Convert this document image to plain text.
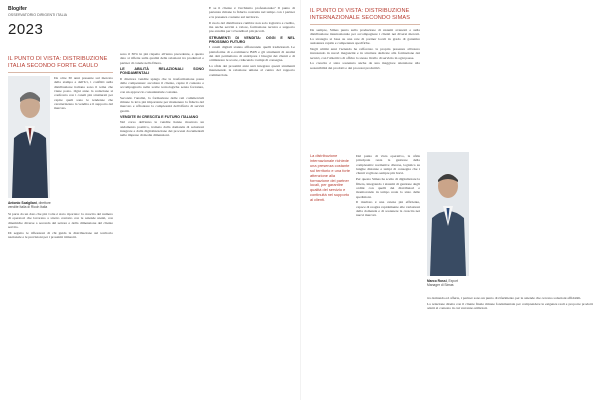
Blogifer
OSSERVATORIO DIRIGENTI ITALIA
2023
IL PUNTO DI VISTA: DISTRIBUZIONE ITALIA SECONDO FORTE CAULO
Antonio Scalgilani, direttore vendite Italia di Ricoh Italia

Da oltre 30 anni presente sul mercato della stampa e dell'Ict, i conflitti sulla distribuzione italiana sono il tema che viene posto. Ogni anno la redazione si confronta con i canali più strutturati per capire quali sono le tendenze che caratterizzano la vendita e il supporto del mercato.

Si parte da un dato che più volte è stato riportato: la crescita del numero di operatori che lavorano a stretto contatto con le aziende utenti, con dinamiche diverse a seconda del settore e della dimensione del cliente servito.

Di seguito le riflessioni di chi guida la distribuzione sul territorio nazionale e le previsioni per i prossimi trimestri.

sono il 30% in più rispetto all'anno precedente, e questo dato si riflette sulla qualità delle relazioni tra produttori e partner di canale nella filiera.

LE ABILITÀ RELAZIONALI SONO FONDAMENTALI

Il direttore vendite spiega che la trasformazione passa dalle competenze: ascoltare il cliente, capire il contesto e accompagnarlo nelle scelte tecnologiche senza forzature, con un approccio consulenziale costante.

Secondo l'analisi, la formazione delle reti commerciali rimane la leva più importante per mantenere la fiducia del mercato e affrontare la complessità dell'offerta di servizi gestiti.

VENDITE IN CRESCITA E FUTURO ITALIANO

Nel corso dell'anno le vendite hanno mostrato un andamento positivo, trainato dalla domanda di soluzioni integrate e dalla digitalizzazione dei processi documentali nelle imprese di medie dimensioni.

E se il cliente è l'architetto professionale? Il punto di partenza rimane la fiducia costruita nel tempo con i partner e la presenza costante sul territorio.

Il ruolo del distributore cambia: non solo logistica e credito, ma anche servizi a valore, formazione tecnica e supporto pre-vendita per i rivenditori più piccoli.

STRUMENTI DI VENDITA: OGGI E NEL PROSSIMO FUTURO

I canali digitali stanno affiancando quelli tradizionali. Le piattaforme di e-commerce B2B e gli strumenti di analisi dei dati permettono di anticipare i bisogni dei clienti e di ottimizzare le scorte, riducendo i tempi di consegna.

La sfida dei prossimi anni sarà integrare questi strumenti mantenendo la relazione umana al centro del rapporto commerciale.

IL PUNTO DI VISTA: DISTRIBUZIONE INTERNAZIONALE SECONDO SIMAS

Da sempre, Simas punta sulla produzione di sistemi avanzati e sulla distribuzione internazionale per accompagnare i clienti nei diversi mercati. La strategia si basa su una rete di partner locali in grado di garantire assistenza rapida e competenze specifiche.

Negli ultimi anni l'azienda ha rafforzato la propria presenza all'estero investendo in nuovi magazzini e in strutture dedicate alla formazione dei tecnici, con l'obiettivo di offrire lo stesso livello di servizio in ogni paese.

La crescita è stata sostenuta anche da una maggiore attenzione alla sostenibilità dei prodotti e dei processi produttivi.

La distribuzione internazionale richiede una presenza costante sul territorio e una forte attenzione alla formazione dei partner locali, per garantire qualità del servizio e continuità nel supporto ai clienti.

Dal punto di vista operativo, la sfida principale resta la gestione della complessità: normative diverse, logistica su lunghe distanze e tempi di consegna che i clienti vogliono sempre più brevi.

Per questo Simas ha scelto di digitalizzare la filiera, integrando i sistemi di gestione degli ordini con quelli dei distributori e monitorando in tempo reale lo stato delle spedizioni.

Il risultato è una catena più efficiente, capace di reagire rapidamente alle variazioni della domanda e di sostenere la crescita nei nuovi mercati.

Marco Rossi, Export Manager di Simas

tra domanda ed offerta, i partner sono un punto di riferimento per le aziende che cercano soluzioni affidabili.

La relazione diretta con il cliente finale rimane fondamentale per comprendere le esigenze reali e proporre prodotti adatti al contesto in cui verranno utilizzati.
